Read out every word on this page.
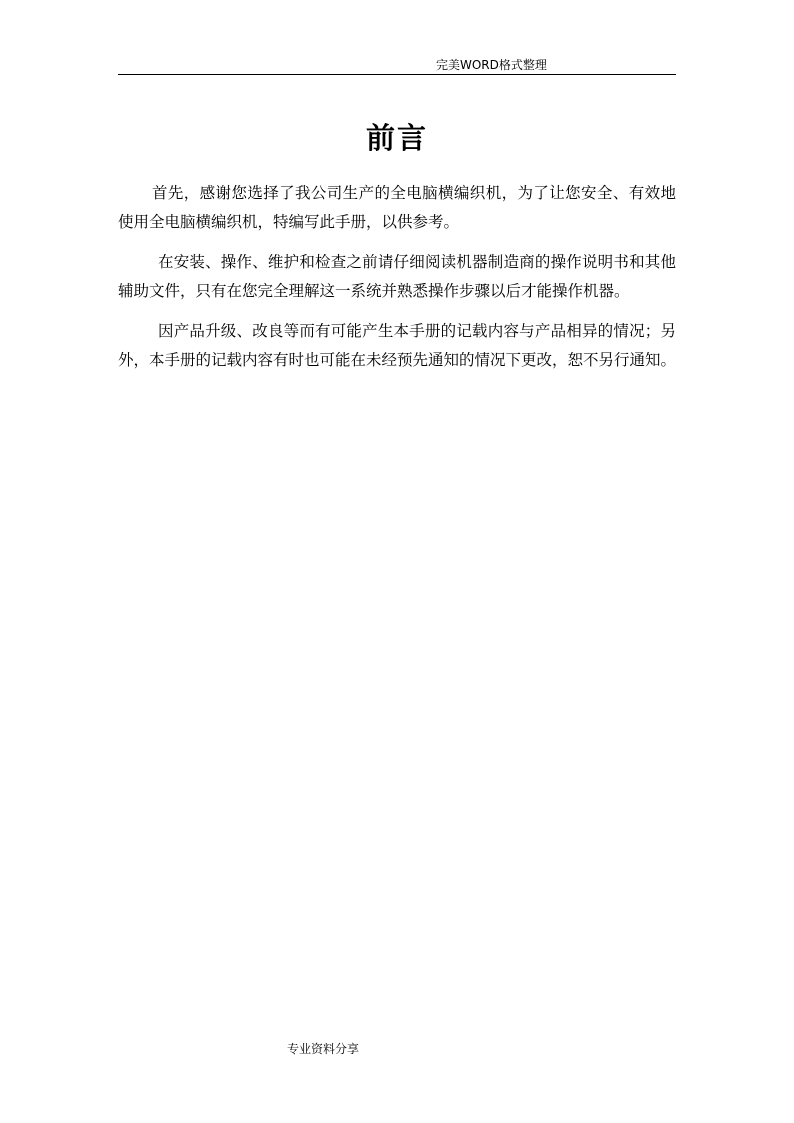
完美WORD格式整理
前言

首先，感谢您选择了我公司生产的全电脑横编织机，为了让您安全、有效地使用全电脑横编织机，特编写此手册，以供参考。

在安装、操作、维护和检查之前请仔细阅读机器制造商的操作说明书和其他辅助文件，只有在您完全理解这一系统并熟悉操作步骤以后才能操作机器。

因产品升级、改良等而有可能产生本手册的记载内容与产品相异的情况；另外，本手册的记载内容有时也可能在未经预先通知的情况下更改，恕不另行通知。

专业资料分享
